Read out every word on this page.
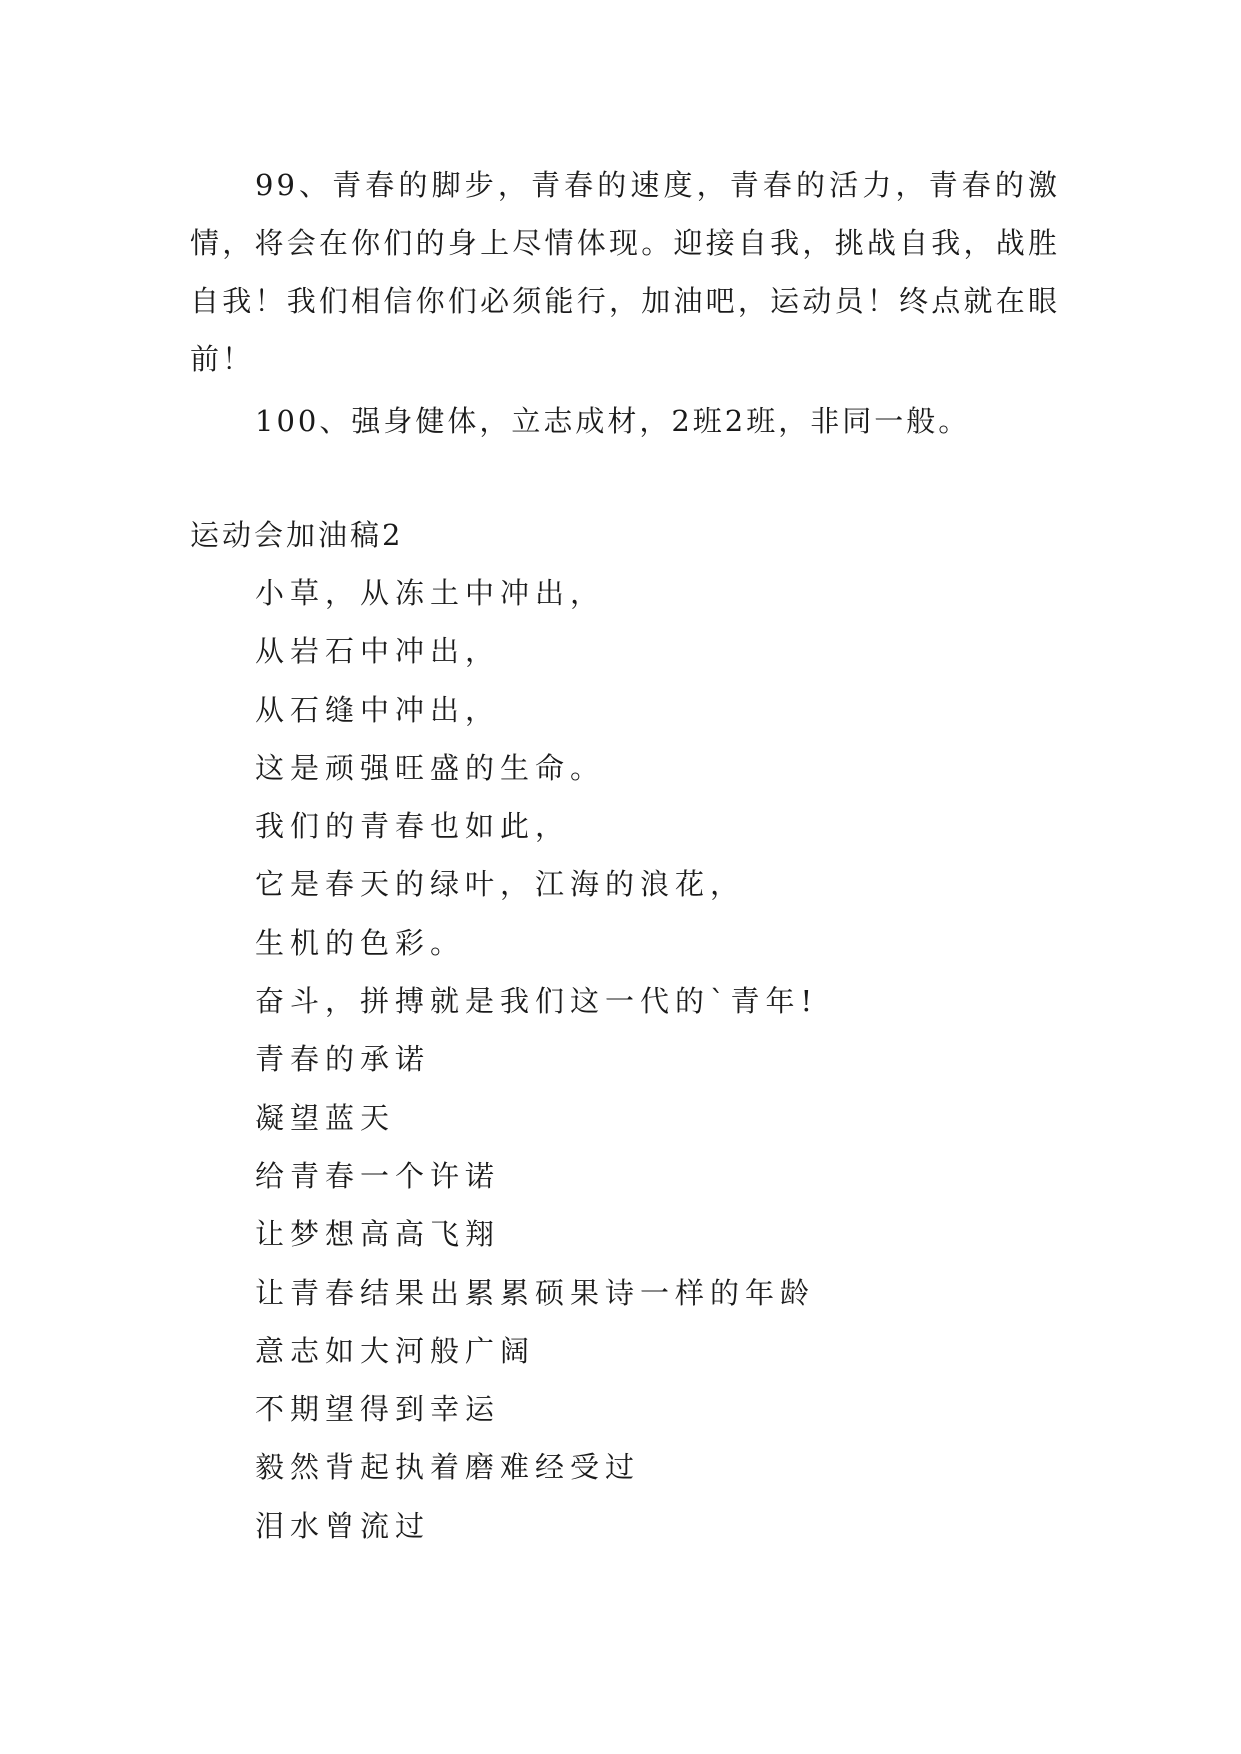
99、青春的脚步，青春的速度，青春的活力，青春的激情，将会在你们的身上尽情体现。迎接自我，挑战自我，战胜自我！我们相信你们必须能行，加油吧，运动员！终点就在眼前！

100、强身健体，立志成材，2班2班，非同一般。

运动会加油稿2
小草，从冻土中冲出，
从岩石中冲出，
从石缝中冲出，
这是顽强旺盛的生命。
我们的青春也如此，
它是春天的绿叶，江海的浪花，
生机的色彩。
奋斗，拼搏就是我们这一代的`青年!
青春的承诺
凝望蓝天
给青春一个许诺
让梦想高高飞翔
让青春结果出累累硕果诗一样的年龄
意志如大河般广阔
不期望得到幸运
毅然背起执着磨难经受过
泪水曾流过
